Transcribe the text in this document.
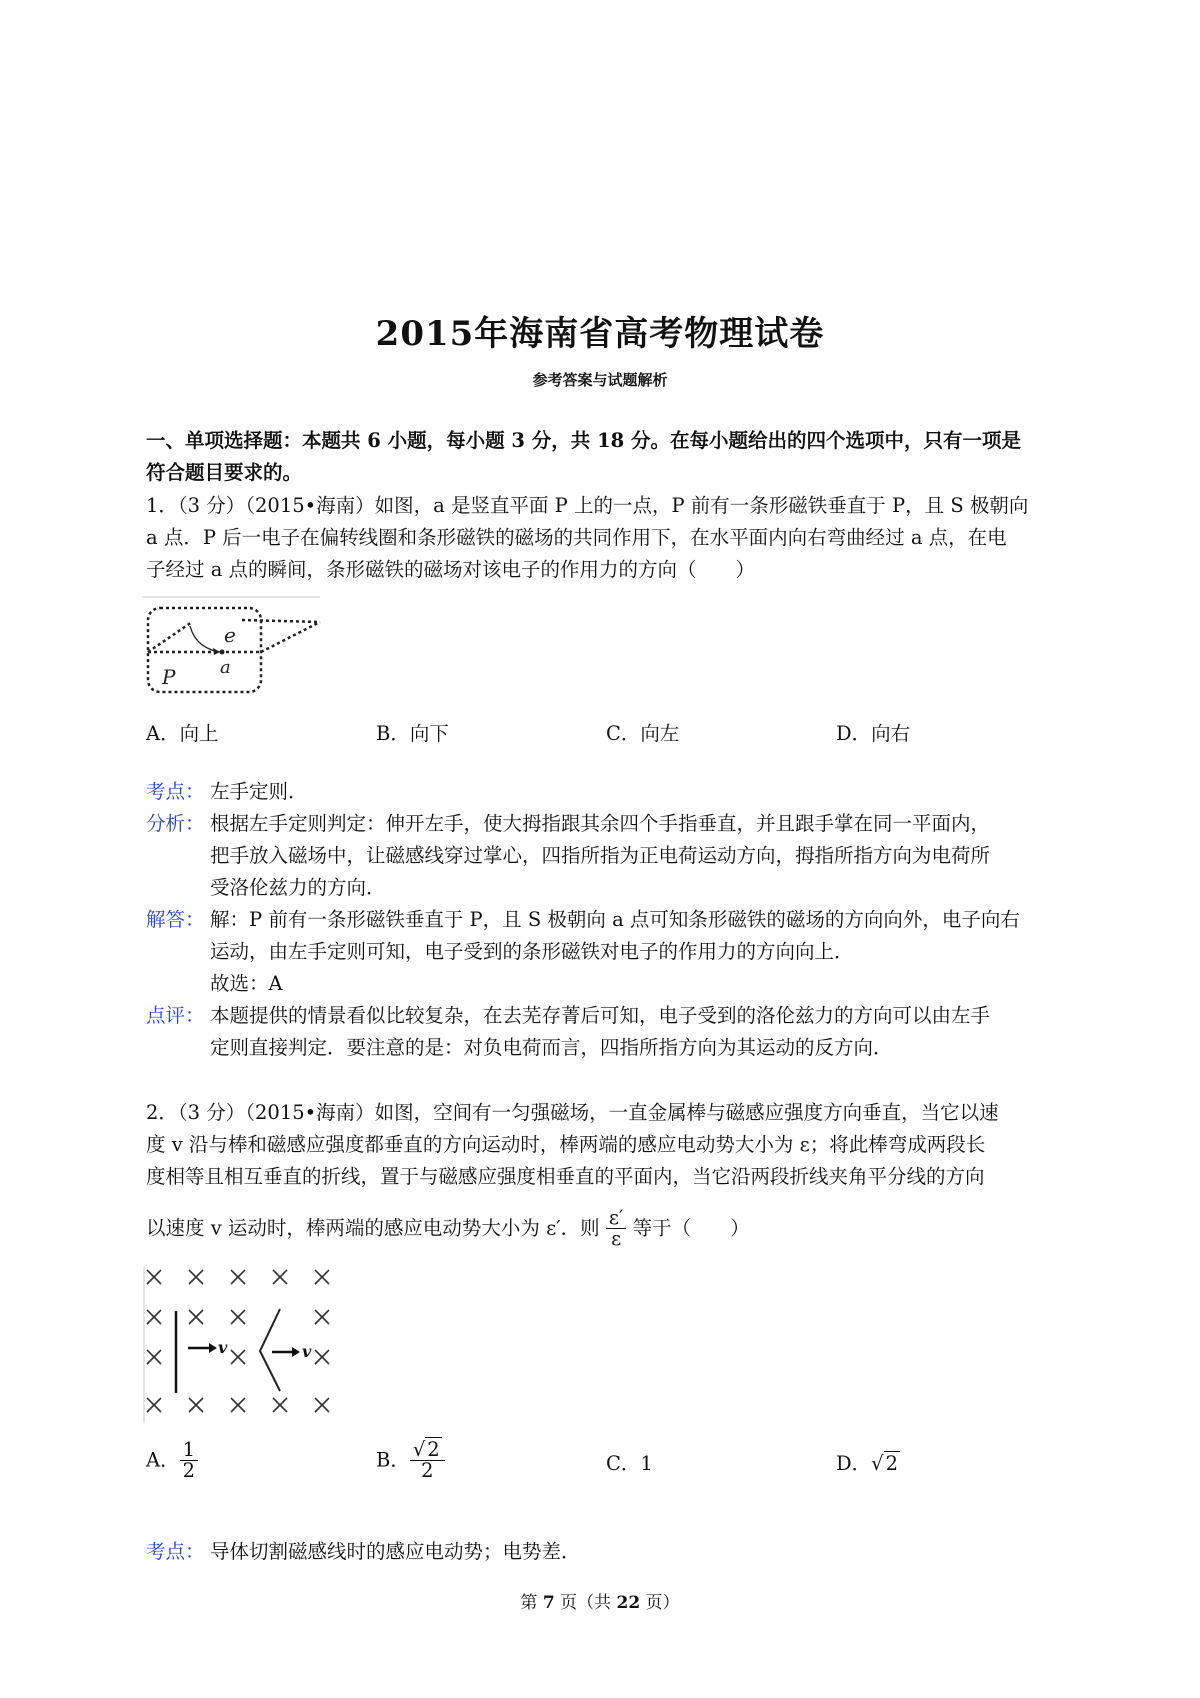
2015年海南省高考物理试卷
参考答案与试题解析
一、单项选择题：本题共 6 小题，每小题 3 分，共 18 分。在每小题给出的四个选项中，只有一项是
符合题目要求的。
1．（3 分）（2015•海南）如图，a 是竖直平面 P 上的一点，P 前有一条形磁铁垂直于 P，且 S 极朝向
a 点．P 后一电子在偏转线圈和条形磁铁的磁场的共同作用下，在水平面内向右弯曲经过 a 点，在电
子经过 a 点的瞬间，条形磁铁的磁场对该电子的作用力的方向（　　）
e
a
P
A．向上	B．向下	C．向左	D．向右
考点： 左手定则．
分析： 根据左手定则判定：伸开左手，使大拇指跟其余四个手指垂直，并且跟手掌在同一平面内，
把手放入磁场中，让磁感线穿过掌心，四指所指为正电荷运动方向，拇指所指方向为电荷所
受洛伦兹力的方向．
解答： 解：P 前有一条形磁铁垂直于 P，且 S 极朝向 a 点可知条形磁铁的磁场的方向向外，电子向右
运动，由左手定则可知，电子受到的条形磁铁对电子的作用力的方向向上．
故选：A
点评： 本题提供的情景看似比较复杂，在去芜存菁后可知，电子受到的洛伦兹力的方向可以由左手
定则直接判定．要注意的是：对负电荷而言，四指所指方向为其运动的反方向．
2．（3 分）（2015•海南）如图，空间有一匀强磁场，一直金属棒与磁感应强度方向垂直，当它以速
度 v 沿与棒和磁感应强度都垂直的方向运动时，棒两端的感应电动势大小为 ε；将此棒弯成两段长
度相等且相互垂直的折线，置于与磁感应强度相垂直的平面内，当它沿两段折线夹角平分线的方向
以速度 v 运动时，棒两端的感应电动势大小为 ε′．则 $\frac{\varepsilon'}{\varepsilon}$ 等于（　　）
v	v
A． $\frac{1}{2}$	B． $\frac{√ 2}{2}$	C．1	D．√ 2
考点： 导体切割磁感线时的感应电动势；电势差．
第 7 页（共 22 页）
